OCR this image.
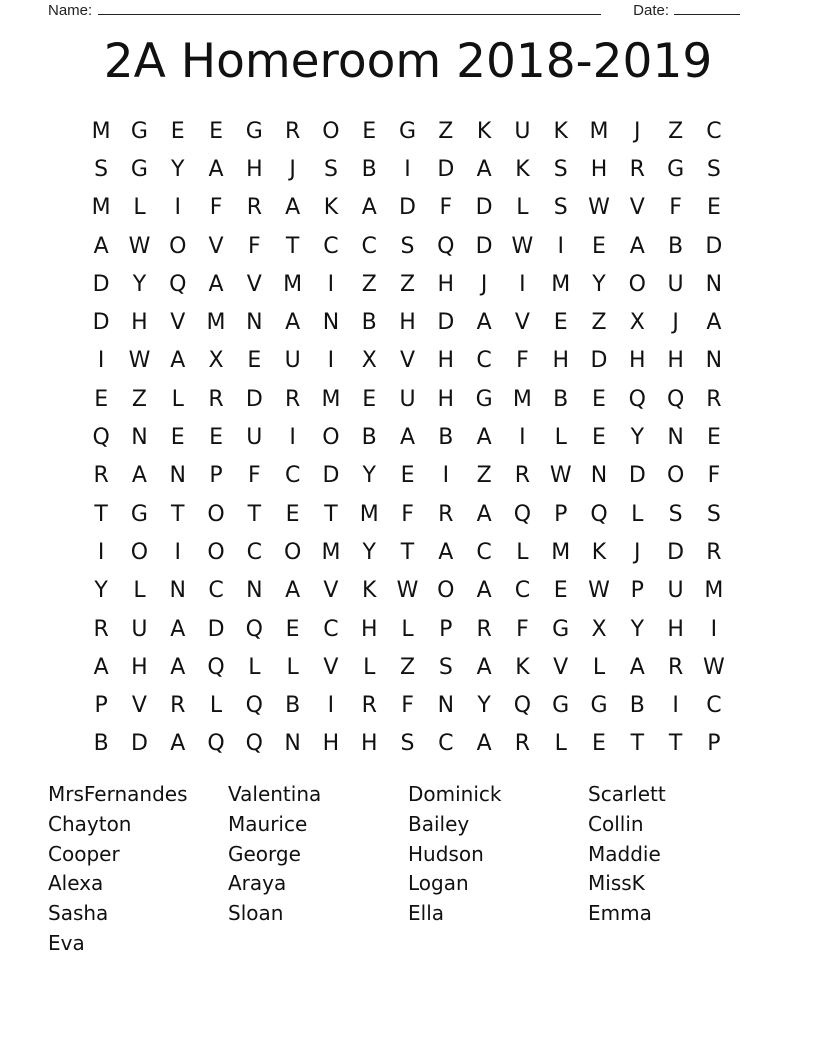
Name:	Date:
2A Homeroom 2018-2019
M G	E	E	G	R O	E	G	Z	K	U	K M	J	Z	C
S	G	Y	A	H	J	S	B	I	D	A	K	S	H	R	G	S
M	L	I	F	R	A	K	A	D	F	D	L	S W V	F	E
A W O	V	F	T	C	C	S	Q D W	I	E	A	B	D
D	Y	Q	A	V M	I	Z	Z	H	J	I	M	Y	O U	N
D H	V M N	A	N	B	H D	A	V	E	Z	X	J	A
I	W A	X	E	U	I	X	V	H	C	F	H D H H N
E	Z	L	R	D	R M E	U H G M B	E	Q Q R
Q N	E	E	U	I	O	B	A	B	A	I	L	E	Y	N	E
R	A	N	P	F	C	D	Y	E	I	Z	R W N D O	F
T	G	T	O	T	E	T	M	F	R	A	Q	P	Q	L	S	S
I	O	I	O C O M	Y	T	A	C	L	M K	J	D	R
Y	L	N	C	N	A	V	K W O	A	C	E W P	U M
R	U	A	D Q	E	C	H	L	P	R	F	G	X	Y	H	I
A	H	A	Q	L	L	V	L	Z	S	A	K	V	L	A	R W
P	V	R	L	Q	B	I	R	F	N	Y	Q G G	B	I	C
B	D	A	Q Q N H H	S	C	A	R	L	E	T	T	P
MrsFernandes	Valentina	Dominick	Scarlett
Chayton	Maurice	Bailey	Collin
Cooper	George	Hudson	Maddie
Alexa	Araya	Logan	MissK
Sasha	Sloan	Ella	Emma
Eva
